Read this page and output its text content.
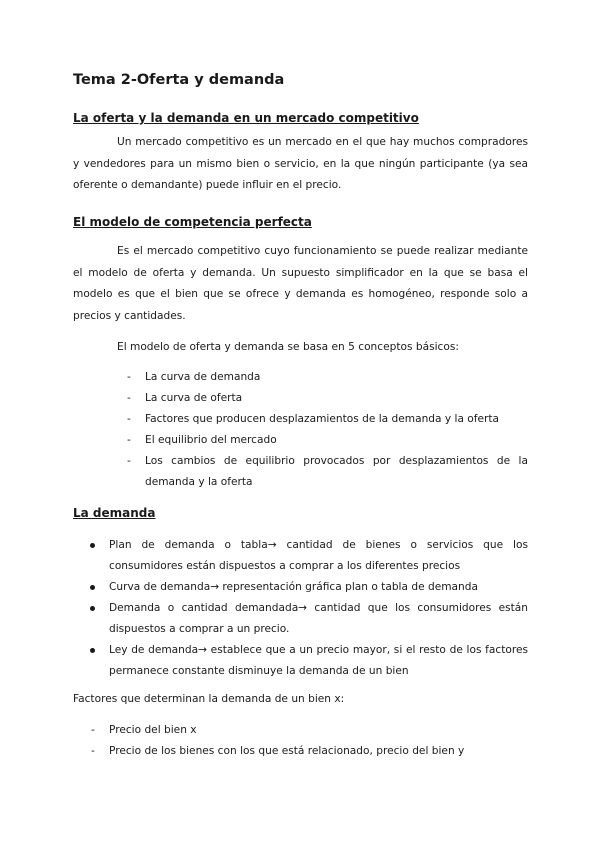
Tema 2-Oferta y demanda
La oferta y la demanda en un mercado competitivo
Un mercado competitivo es un mercado en el que hay muchos compradores y vendedores para un mismo bien o servicio, en la que ningún participante (ya sea oferente o demandante) puede influir en el precio.
El modelo de competencia perfecta
Es el mercado competitivo cuyo funcionamiento se puede realizar mediante el modelo de oferta y demanda. Un supuesto simplificador en la que se basa el modelo es que el bien que se ofrece y demanda es homogéneo, responde solo a precios y cantidades.
El modelo de oferta y demanda se basa en 5 conceptos básicos:
- La curva de demanda
- La curva de oferta
- Factores que producen desplazamientos de la demanda y la oferta
- El equilibrio del mercado
- Los cambios de equilibrio provocados por desplazamientos de la demanda y la oferta
La demanda
Plan de demanda o tabla→ cantidad de bienes o servicios que los consumidores están dispuestos a comprar a los diferentes precios
Curva de demanda→ representación gráfica plan o tabla de demanda
Demanda o cantidad demandada→ cantidad que los consumidores están dispuestos a comprar a un precio.
Ley de demanda→ establece que a un precio mayor, si el resto de los factores permanece constante disminuye la demanda de un bien
Factores que determinan la demanda de un bien x:
- Precio del bien x
- Precio de los bienes con los que está relacionado, precio del bien y
